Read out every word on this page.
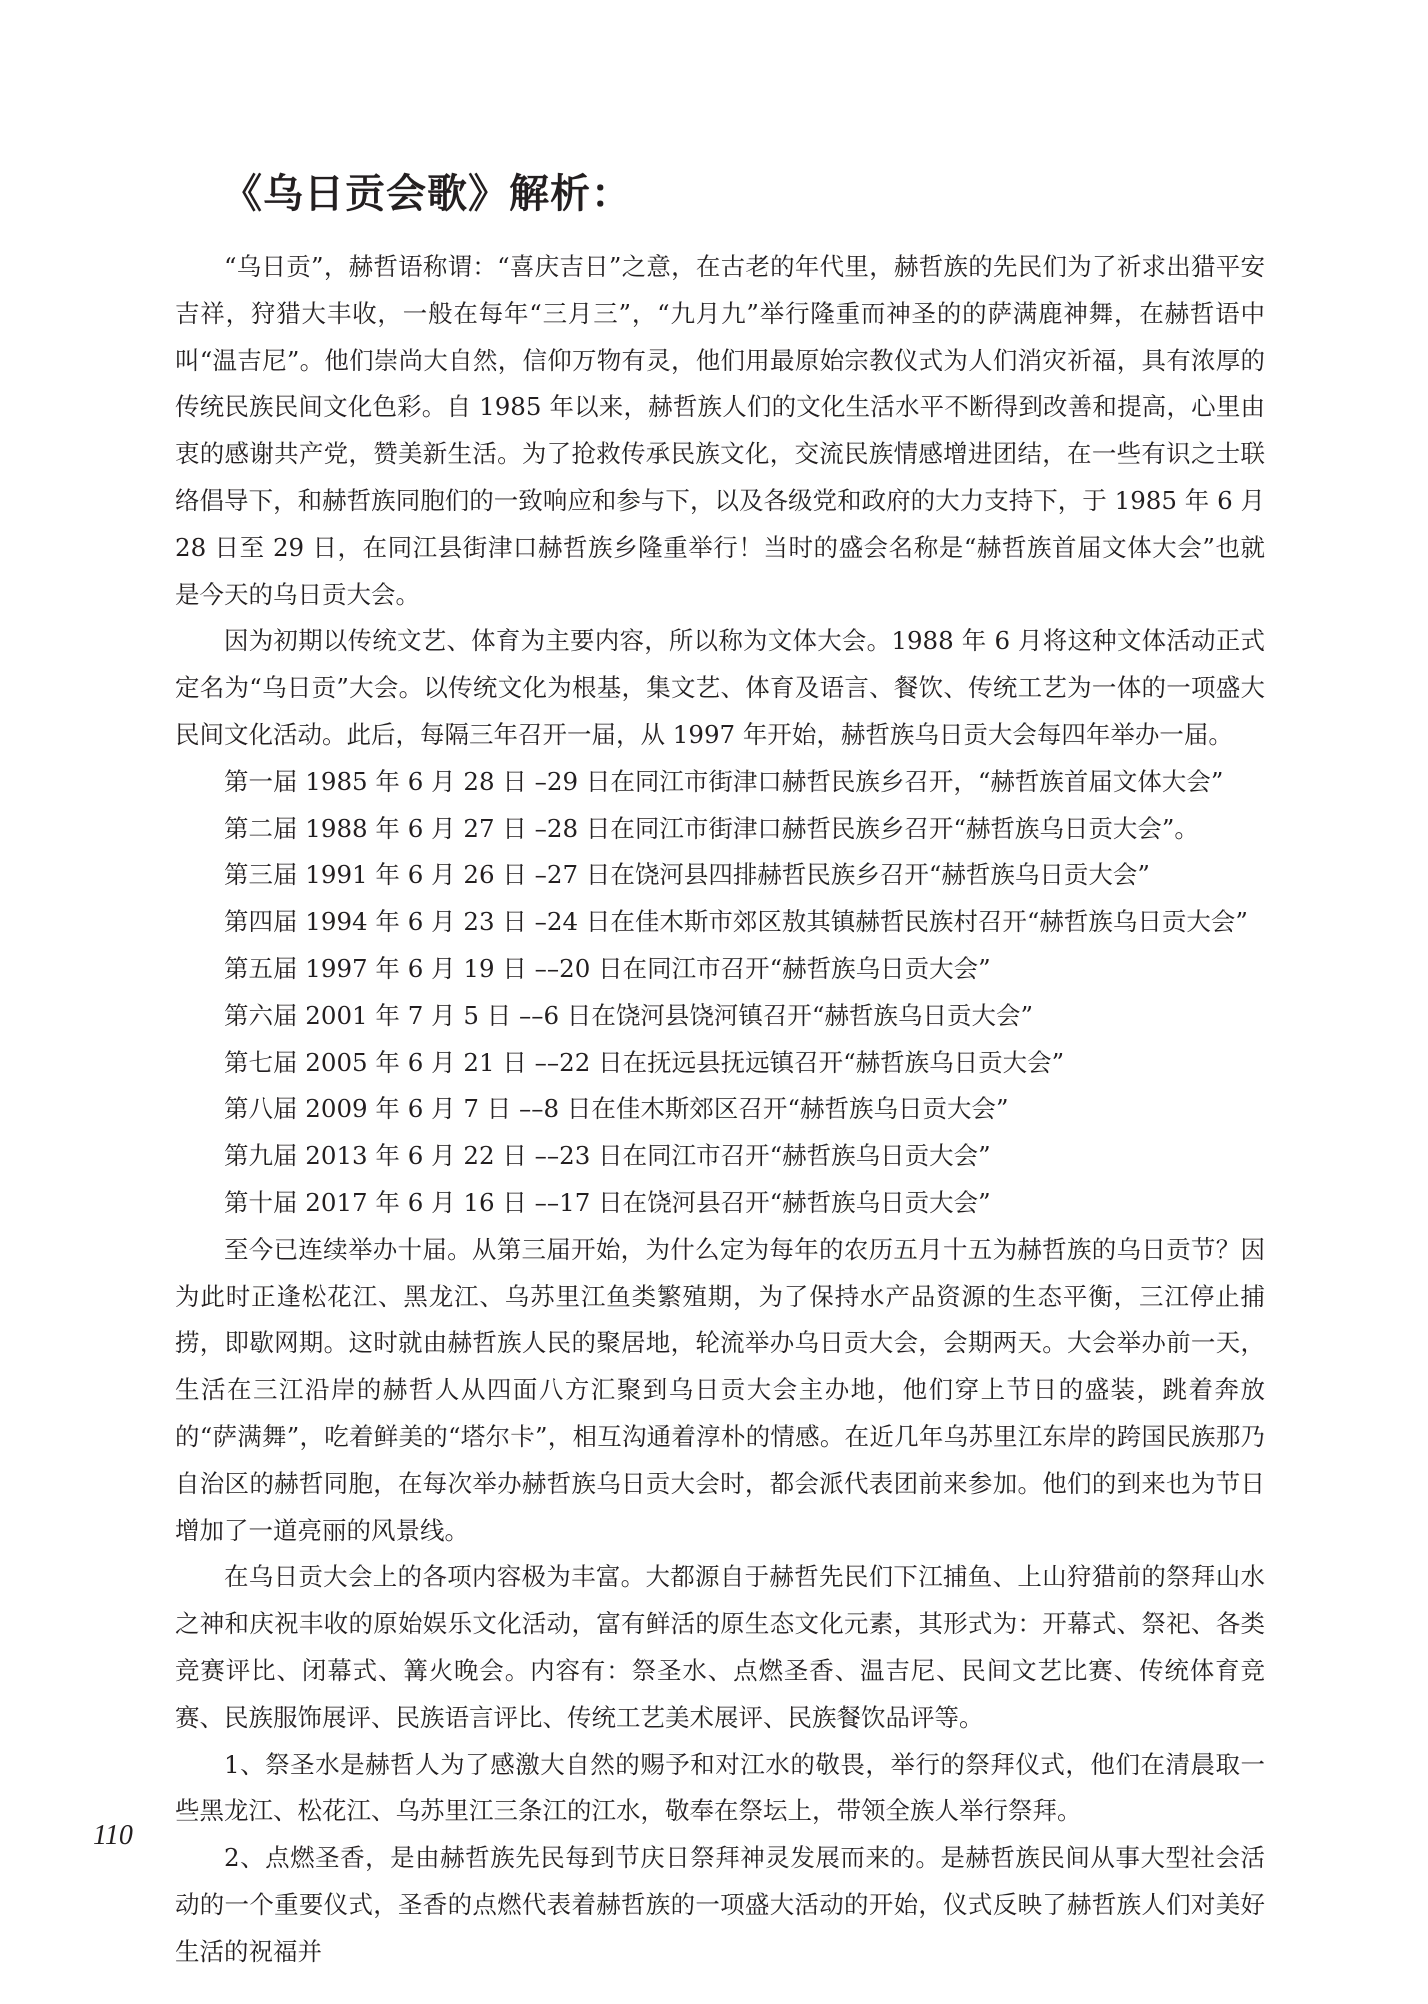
《乌日贡会歌》解析：

“乌日贡”，赫哲语称谓：“喜庆吉日”之意，在古老的年代里，赫哲族的先民们为了祈求出猎平安吉祥，狩猎大丰收，一般在每年“三月三”，“九月九”举行隆重而神圣的的萨满鹿神舞，在赫哲语中叫“温吉尼”。他们崇尚大自然，信仰万物有灵，他们用最原始宗教仪式为人们消灾祈福，具有浓厚的传统民族民间文化色彩。自 1985 年以来，赫哲族人们的文化生活水平不断得到改善和提高，心里由衷的感谢共产党，赞美新生活。为了抢救传承民族文化，交流民族情感增进团结，在一些有识之士联络倡导下，和赫哲族同胞们的一致响应和参与下，以及各级党和政府的大力支持下，于 1985 年 6 月 28 日至 29 日，在同江县街津口赫哲族乡隆重举行！当时的盛会名称是“赫哲族首届文体大会”也就是今天的乌日贡大会。

因为初期以传统文艺、体育为主要内容，所以称为文体大会。1988 年 6 月将这种文体活动正式定名为“乌日贡”大会。以传统文化为根基，集文艺、体育及语言、餐饮、传统工艺为一体的一项盛大民间文化活动。此后，每隔三年召开一届，从 1997 年开始，赫哲族乌日贡大会每四年举办一届。

第一届 1985 年 6 月 28 日 –29 日在同江市街津口赫哲民族乡召开，“赫哲族首届文体大会”

第二届 1988 年 6 月 27 日 –28 日在同江市街津口赫哲民族乡召开“赫哲族乌日贡大会”。

第三届 1991 年 6 月 26 日 –27 日在饶河县四排赫哲民族乡召开“赫哲族乌日贡大会”

第四届 1994 年 6 月 23 日 –24 日在佳木斯市郊区敖其镇赫哲民族村召开“赫哲族乌日贡大会”

第五届 1997 年 6 月 19 日 ––20 日在同江市召开“赫哲族乌日贡大会”

第六届 2001 年 7 月 5 日 ––6 日在饶河县饶河镇召开“赫哲族乌日贡大会”

第七届 2005 年 6 月 21 日 ––22 日在抚远县抚远镇召开“赫哲族乌日贡大会”

第八届 2009 年 6 月 7 日 ––8 日在佳木斯郊区召开“赫哲族乌日贡大会”

第九届 2013 年 6 月 22 日 ––23 日在同江市召开“赫哲族乌日贡大会”

第十届 2017 年 6 月 16 日 ––17 日在饶河县召开“赫哲族乌日贡大会”

至今已连续举办十届。从第三届开始，为什么定为每年的农历五月十五为赫哲族的乌日贡节？因为此时正逢松花江、黑龙江、乌苏里江鱼类繁殖期，为了保持水产品资源的生态平衡，三江停止捕捞，即歇网期。这时就由赫哲族人民的聚居地，轮流举办乌日贡大会，会期两天。大会举办前一天，生活在三江沿岸的赫哲人从四面八方汇聚到乌日贡大会主办地，他们穿上节日的盛装，跳着奔放的“萨满舞”，吃着鲜美的“塔尔卡”，相互沟通着淳朴的情感。在近几年乌苏里江东岸的跨国民族那乃自治区的赫哲同胞，在每次举办赫哲族乌日贡大会时，都会派代表团前来参加。他们的到来也为节日增加了一道亮丽的风景线。

在乌日贡大会上的各项内容极为丰富。大都源自于赫哲先民们下江捕鱼、上山狩猎前的祭拜山水之神和庆祝丰收的原始娱乐文化活动，富有鲜活的原生态文化元素，其形式为：开幕式、祭祀、各类竞赛评比、闭幕式、篝火晚会。内容有：祭圣水、点燃圣香、温吉尼、民间文艺比赛、传统体育竞赛、民族服饰展评、民族语言评比、传统工艺美术展评、民族餐饮品评等。

1、祭圣水是赫哲人为了感激大自然的赐予和对江水的敬畏，举行的祭拜仪式，他们在清晨取一些黑龙江、松花江、乌苏里江三条江的江水，敬奉在祭坛上，带领全族人举行祭拜。

2、点燃圣香，是由赫哲族先民每到节庆日祭拜神灵发展而来的。是赫哲族民间从事大型社会活动的一个重要仪式，圣香的点燃代表着赫哲族的一项盛大活动的开始，仪式反映了赫哲族人们对美好生活的祝福并

110
